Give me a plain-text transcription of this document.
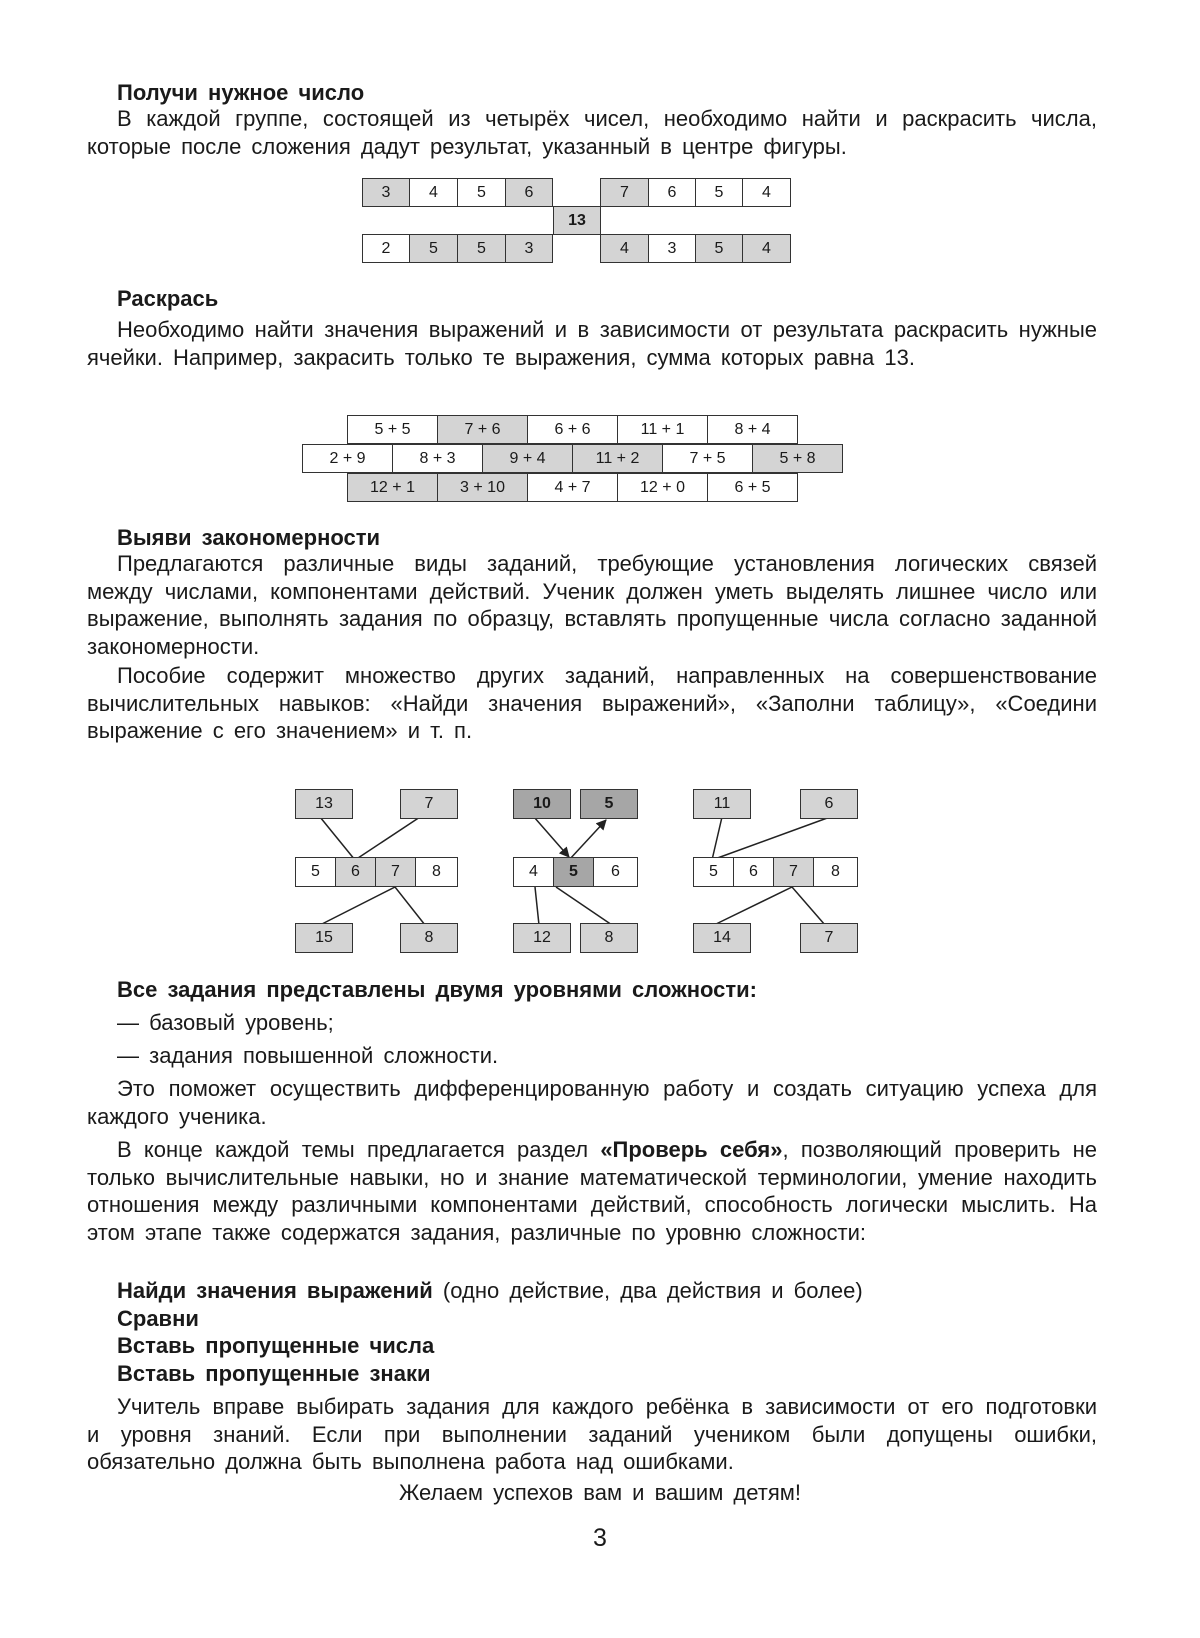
Получи нужное число

В каждой группе, состоящей из четырёх чисел, необходимо найти и раскрасить числа, которые после сложения дадут результат, указанный в центре фигуры.

3	4	5	6	7	6	5	4
13
2	5	5	3	4	3	5	4

Раскрась

Необходимо найти значения выражений и в зависимости от результата раскрасить нужные ячейки. Например, закрасить только те выражения, сумма которых равна 13.

5 + 5	7 + 6	6 + 6	11 + 1	8 + 4
2 + 9	8 + 3	9 + 4	11 + 2	7 + 5	5 + 8
12 + 1	3 + 10	4 + 7	12 + 0	6 + 5

Выяви закономерности

Предлагаются различные виды заданий, требующие установления логических связей между числами, компонентами действий. Ученик должен уметь выделять лишнее число или выражение, выполнять задания по образцу, вставлять пропущенные числа согласно заданной закономерности.

Пособие содержит множество других заданий, направленных на совершенствование вычислительных навыков: «Найди значения выражений», «Заполни таблицу», «Соедини выражение с его значением» и т. п.

13	7
5	6	7	8
15	8
10	5
4	5	6
12	8
11	6
5	6	7	8
14	7

Все задания представлены двумя уровнями сложности:

— базовый уровень;

— задания повышенной сложности.

Это поможет осуществить дифференцированную работу и создать ситуацию успеха для каждого ученика.

В конце каждой темы предлагается раздел «Проверь себя», позволяющий проверить не только вычислительные навыки, но и знание математической терминологии, умение находить отношения между различными компонентами действий, способность логически мыслить. На этом этапе также содержатся задания, различные по уровню сложности:

Найди значения выражений (одно действие, два действия и более)

Сравни

Вставь пропущенные числа

Вставь пропущенные знаки

Учитель вправе выбирать задания для каждого ребёнка в зависимости от его подготовки и уровня знаний. Если при выполнении заданий учеником были допущены ошибки, обязательно должна быть выполнена работа над ошибками.

Желаем успехов вам и вашим детям!

3
